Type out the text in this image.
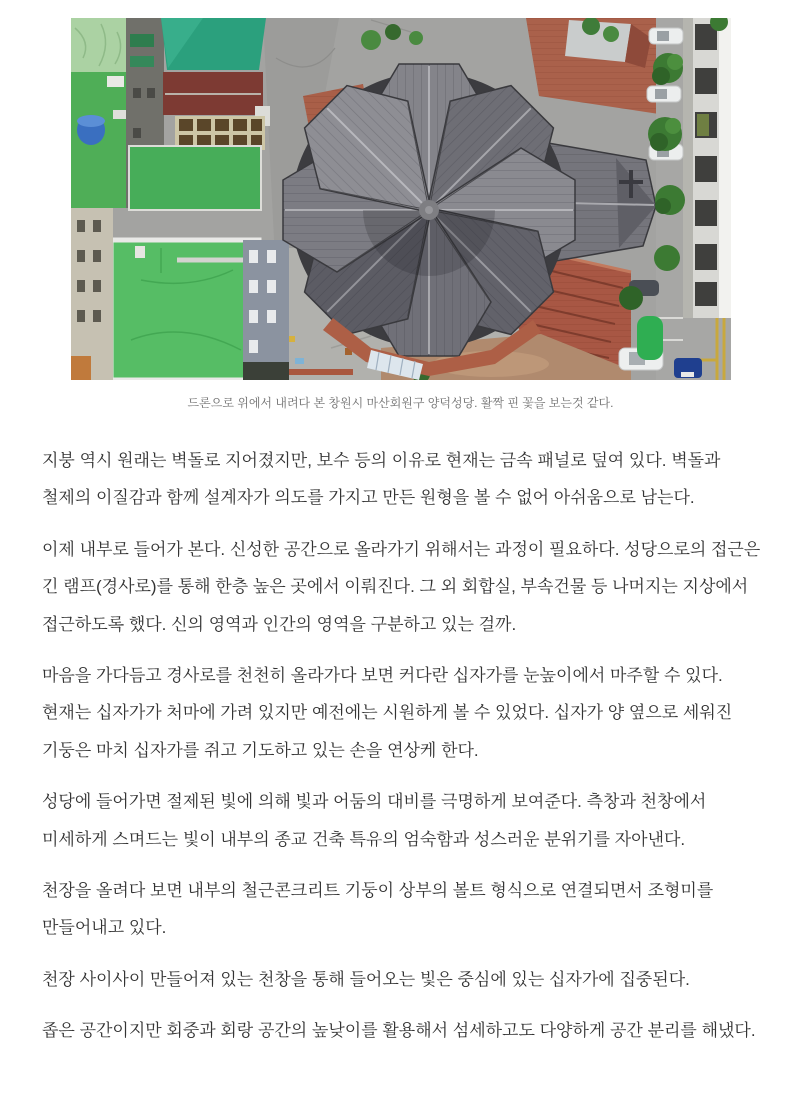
드론으로 위에서 내려다 본 창원시 마산회원구 양덕성당. 활짝 핀 꽃을 보는것 같다.

지붕 역시 원래는 벽돌로 지어졌지만, 보수 등의 이유로 현재는 금속 패널로 덮여 있다. 벽돌과 철제의 이질감과 함께 설계자가 의도를 가지고 만든 원형을 볼 수 없어 아쉬움으로 남는다.

이제 내부로 들어가 본다. 신성한 공간으로 올라가기 위해서는 과정이 필요하다. 성당으로의 접근은 긴 램프(경사로)를 통해 한층 높은 곳에서 이뤄진다. 그 외 회합실, 부속건물 등 나머지는 지상에서 접근하도록 했다. 신의 영역과 인간의 영역을 구분하고 있는 걸까.

마음을 가다듬고 경사로를 천천히 올라가다 보면 커다란 십자가를 눈높이에서 마주할 수 있다. 현재는 십자가가 처마에 가려 있지만 예전에는 시원하게 볼 수 있었다. 십자가 양 옆으로 세워진 기둥은 마치 십자가를 쥐고 기도하고 있는 손을 연상케 한다.

성당에 들어가면 절제된 빛에 의해 빛과 어둠의 대비를 극명하게 보여준다. 측창과 천창에서 미세하게 스며드는 빛이 내부의 종교 건축 특유의 엄숙함과 성스러운 분위기를 자아낸다.

천장을 올려다 보면 내부의 철근콘크리트 기둥이 상부의 볼트 형식으로 연결되면서 조형미를 만들어내고 있다.

천장 사이사이 만들어져 있는 천창을 통해 들어오는 빛은 중심에 있는 십자가에 집중된다.

좁은 공간이지만 회중과 회랑 공간의 높낮이를 활용해서 섬세하고도 다양하게 공간 분리를 해냈다.
